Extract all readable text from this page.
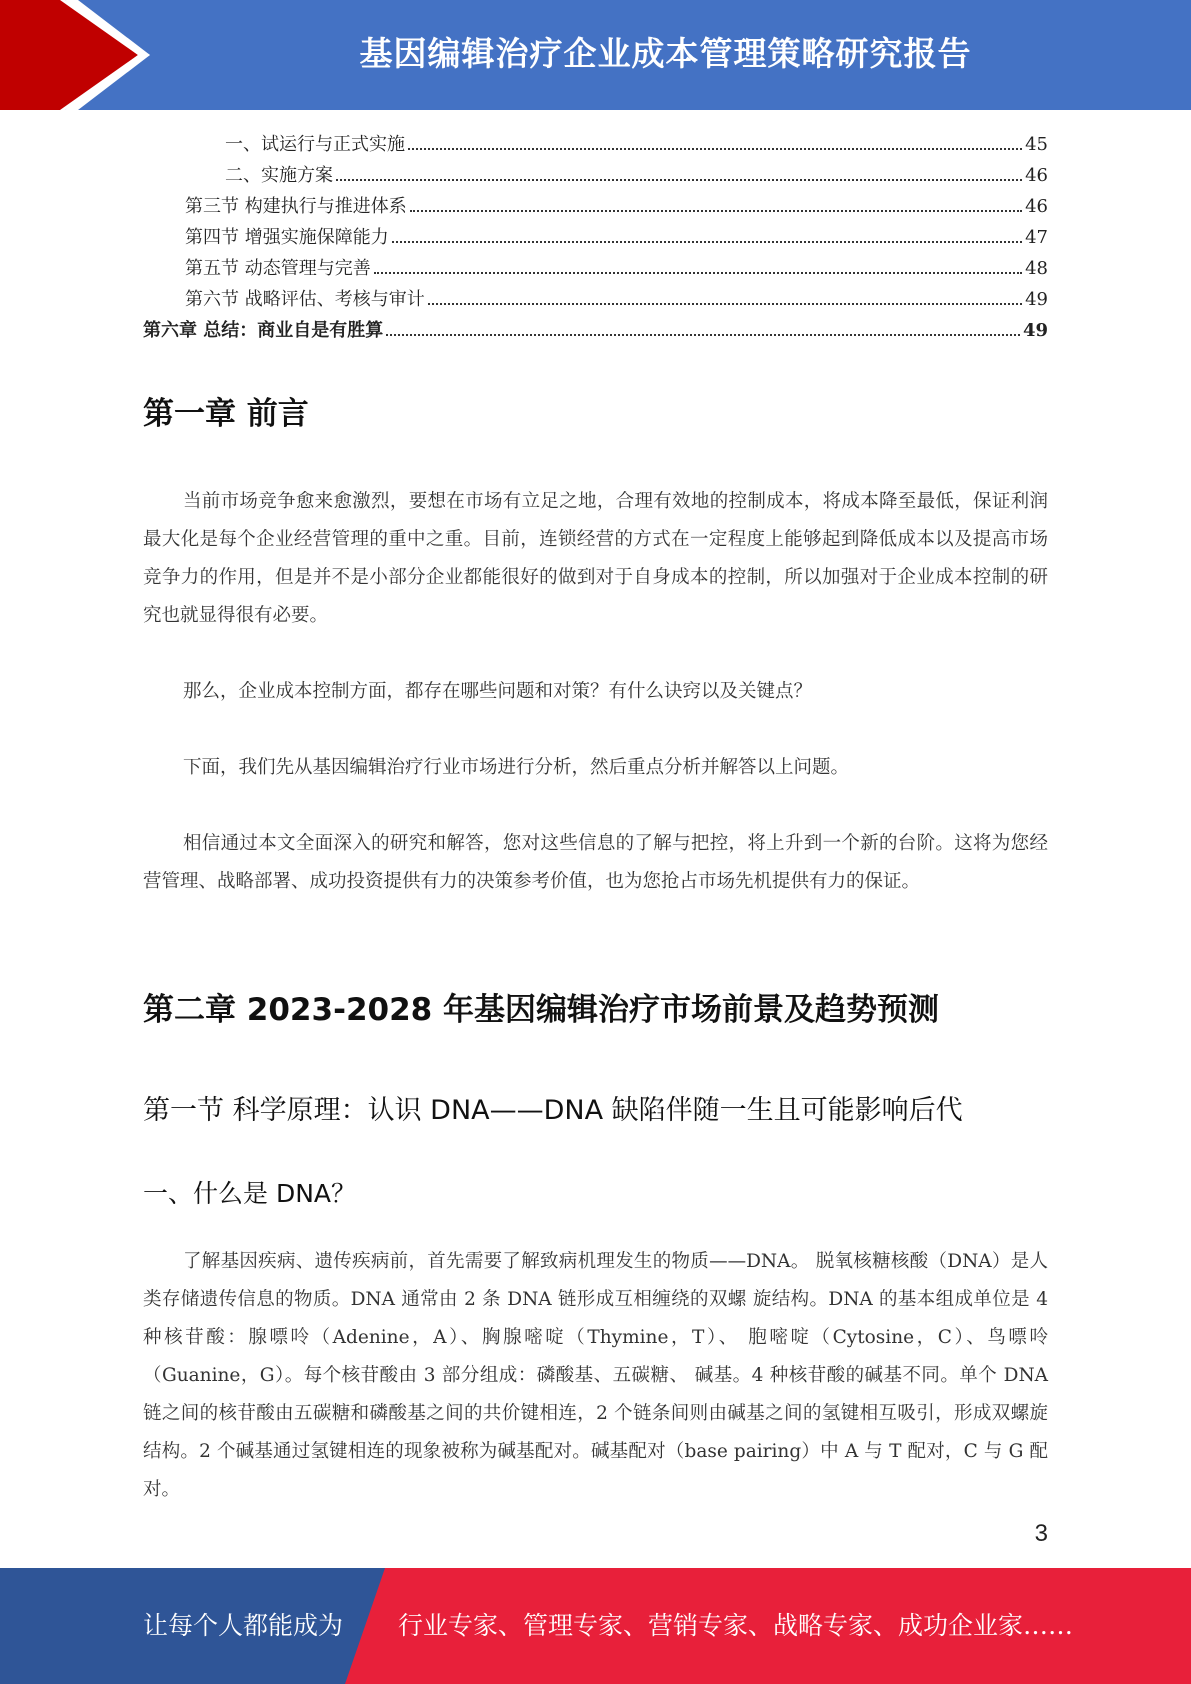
基因编辑治疗企业成本管理策略研究报告
一、试运行与正式实施	45
二、实施方案	46
第三节 构建执行与推进体系	46
第四节 增强实施保障能力	47
第五节 动态管理与完善	48
第六节 战略评估、考核与审计	49
第六章 总结：商业自是有胜算	49
第一章 前言

当前市场竞争愈来愈激烈，要想在市场有立足之地，合理有效地的控制成本，将成本降至最低，保证利润最大化是每个企业经营管理的重中之重。目前，连锁经营的方式在一定程度上能够起到降低成本以及提高市场竞争力的作用，但是并不是小部分企业都能很好的做到对于自身成本的控制，所以加强对于企业成本控制的研究也就显得很有必要。

那么，企业成本控制方面，都存在哪些问题和对策？有什么诀窍以及关键点？

下面，我们先从基因编辑治疗行业市场进行分析，然后重点分析并解答以上问题。

相信通过本文全面深入的研究和解答，您对这些信息的了解与把控，将上升到一个新的台阶。这将为您经营管理、战略部署、成功投资提供有力的决策参考价值，也为您抢占市场先机提供有力的保证。

第二章 2023-2028 年基因编辑治疗市场前景及趋势预测
第一节 科学原理：认识 DNA——DNA 缺陷伴随一生且可能影响后代
一、什么是 DNA？

了解基因疾病、遗传疾病前，首先需要了解致病机理发生的物质——DNA。 脱氧核糖核酸（DNA）是人类存储遗传信息的物质。DNA 通常由 2 条 DNA 链形成互相缠绕的双螺 旋结构。DNA 的基本组成单位是 4 种核苷酸：腺嘌呤（Adenine，A）、胸腺嘧啶（Thymine，T）、 胞嘧啶（Cytosine，C）、鸟嘌呤（Guanine，G）。每个核苷酸由 3 部分组成：磷酸基、五碳糖、 碱基。4 种核苷酸的碱基不同。单个 DNA 链之间的核苷酸由五碳糖和磷酸基之间的共价键相连，2 个链条间则由碱基之间的氢键相互吸引，形成双螺旋结构。2 个碱基通过氢键相连的现象被称为碱基配对。碱基配对（base pairing）中 A 与 T 配对，C 与 G 配对。

3
让每个人都能成为 行业专家、管理专家、营销专家、战略专家、成功企业家……
